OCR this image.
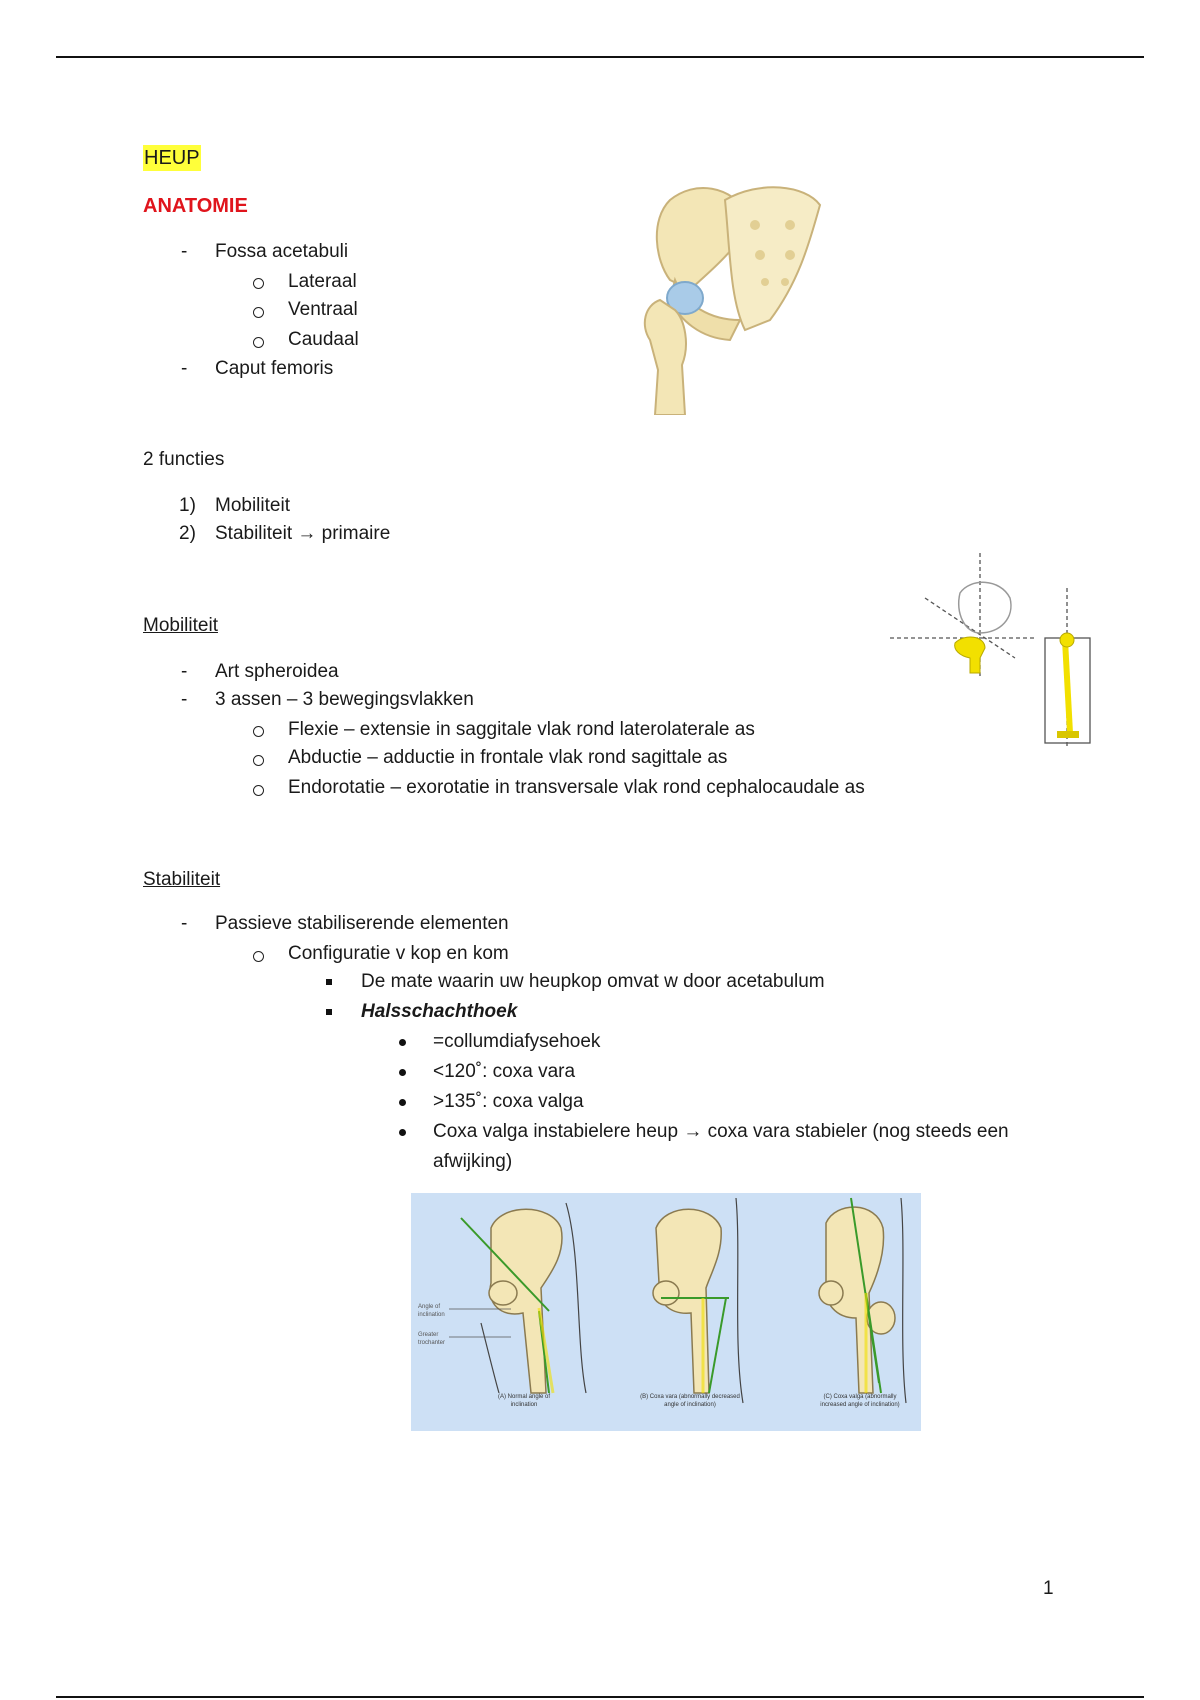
HEUP
ANATOMIE
- Fossa acetabuli
Lateraal
Ventraal
Caudaal
- Caput femoris
2 functies
1) Mobiliteit
2) Stabiliteit → primaire
Mobiliteit
- Art spheroidea
- 3 assen – 3 bewegingsvlakken
Flexie – extensie in saggitale vlak rond laterolaterale as
Abductie – adductie in frontale vlak rond sagittale as
Endorotatie – exorotatie in transversale vlak rond cephalocaudale as
Stabiliteit
- Passieve stabiliserende elementen
Configuratie v kop en kom
De mate waarin uw heupkop omvat w door acetabulum
Halsschachthoek
=collumdiafysehoek
<120˚: coxa vara
>135˚: coxa valga
Coxa valga instabielere heup → coxa vara stabieler (nog steeds een
afwijking)
Angle of inclination
Greater trochanter
(A) Normal angle of inclination
(B) Coxa vara (abnormally decreased angle of inclination)
(C) Coxa valga (abnormally increased angle of inclination)
1
